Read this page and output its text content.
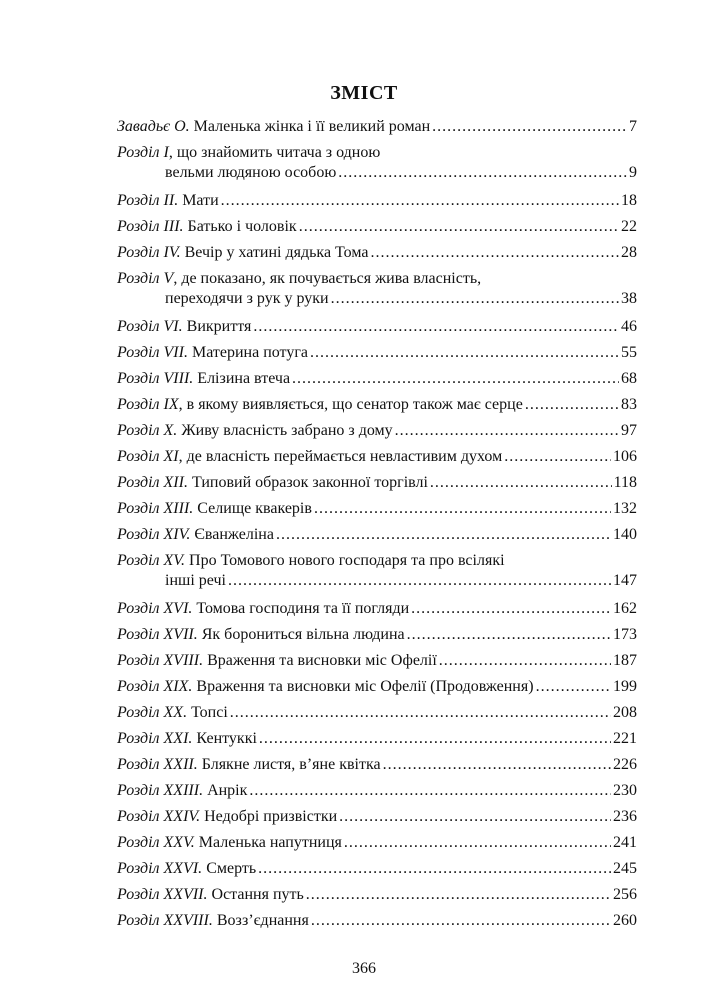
ЗМІСТ
Завадьє О. Маленька жінка і її великий роман .....	7
Розділ І , що знайомить читача з одною
вельми людяною особою .....	9
Розділ ІІ. Мати .....	18
Розділ ІІІ. Батько і чоловік .....	22
Розділ IV. Вечір у хатині дядька Тома .....	28
Розділ V , де показано, як почувається жива власність,
переходячи з рук у руки .....	38
Розділ VI. Викриття .....	46
Розділ VII. Материна потуга .....	55
Розділ VIII. Елізина втеча .....	68
Розділ IX , в якому виявляється, що сенатор також має серце .....	83
Розділ X. Живу власність забрано з дому .....	97
Розділ XI , де власність переймається невластивим духом .....	106
Розділ XII. Типовий образок законної торгівлі .....	118
Розділ XIII. Селище квакерів .....	132
Розділ XIV. Єванжеліна .....	140
Розділ XV. Про Томового нового господаря та про всілякі
інші речі .....	147
Розділ XVI. Томова господиня та її погляди .....	162
Розділ XVII. Як боронитьcя вільна людина .....	173
Розділ XVIII. Враження та висновки міс Офелії .....	187
Розділ XIX. Враження та висновки міс Офелії (Продовження) .....	199
Розділ XX. Топсі .....	208
Розділ XXI. Кентуккі .....	221
Розділ XXII. Блякне листя, в’яне квітка .....	226
Розділ XXIII. Анрік .....	230
Розділ XXIV. Недобрі призвістки .....	236
Розділ XXV. Маленька напутниця .....	241
Розділ XXVI. Смерть .....	245
Розділ XXVII. Остання путь .....	256
Розділ XXVIII. Возз’єднання .....	260
366
